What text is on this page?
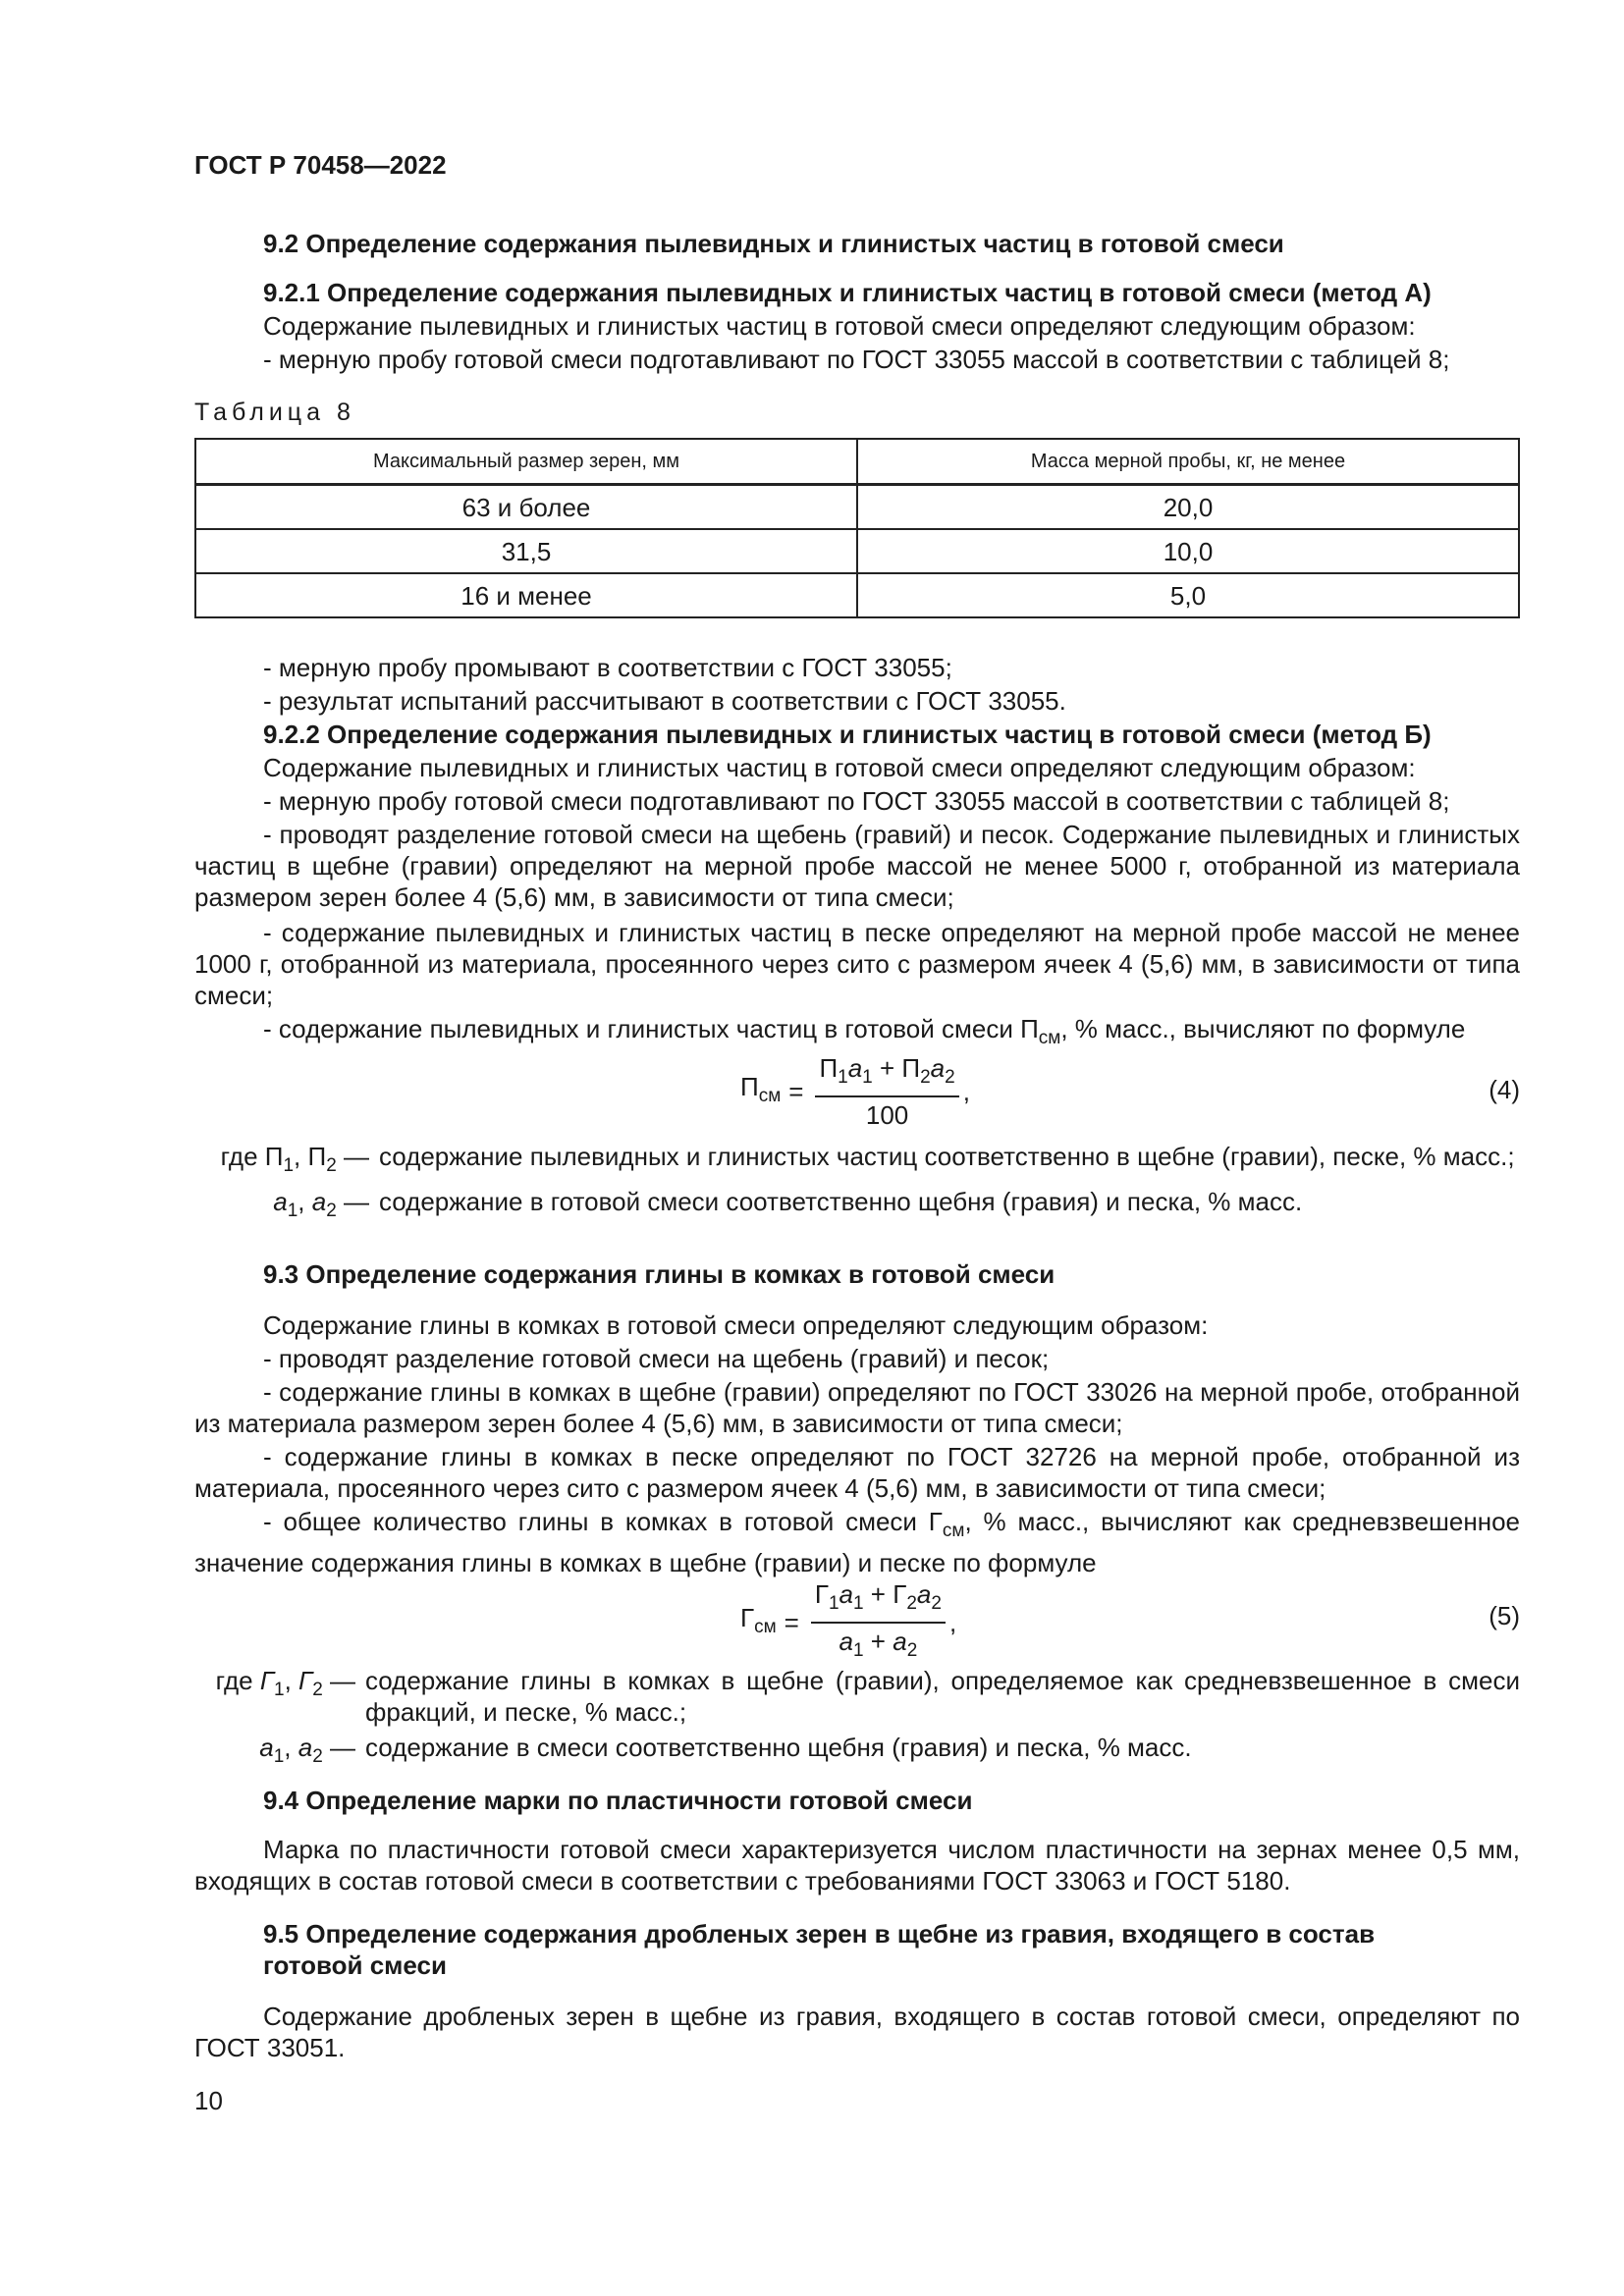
ГОСТ Р 70458—2022
9.2 Определение содержания пылевидных и глинистых частиц в готовой смеси
9.2.1 Определение содержания пылевидных и глинистых частиц в готовой смеси (метод А)
Содержание пылевидных и глинистых частиц в готовой смеси определяют следующим образом:
- мерную пробу готовой смеси подготавливают по ГОСТ 33055 массой в соответствии с таблицей 8;
Таблица 8
Максимальный размер зерен, мм	Масса мерной пробы, кг, не менее
63 и более	20,0
31,5	10,0
16 и менее	5,0
- мерную пробу промывают в соответствии с ГОСТ 33055;
- результат испытаний рассчитывают в соответствии с ГОСТ 33055.
9.2.2 Определение содержания пылевидных и глинистых частиц в готовой смеси (метод Б)
Содержание пылевидных и глинистых частиц в готовой смеси определяют следующим образом:
- мерную пробу готовой смеси подготавливают по ГОСТ 33055 массой в соответствии с таблицей 8;
- проводят разделение готовой смеси на щебень (гравий) и песок. Содержание пылевидных и глинистых частиц в щебне (гравии) определяют на мерной пробе массой не менее 5000 г, отобранной из материала размером зерен более 4 (5,6) мм, в зависимости от типа смеси;
- содержание пылевидных и глинистых частиц в песке определяют на мерной пробе массой не менее 1000 г, отобранной из материала, просеянного через сито с размером ячеек 4 (5,6) мм, в зависимости от типа смеси;
- содержание пылевидных и глинистых частиц в готовой смеси $П_{см}$, % масс., вычисляют по формуле
$П_{см} = \frac{П_1a_1 + П_2a_2}{100}$ ,	(4)
где $П_1$, $П_2$ — содержание пылевидных и глинистых частиц соответственно в щебне (гравии), песке, % масс.;
$a_1$, $a_2$ — содержание в готовой смеси соответственно щебня (гравия) и песка, % масс.
9.3 Определение содержания глины в комках в готовой смеси
Содержание глины в комках в готовой смеси определяют следующим образом:
- проводят разделение готовой смеси на щебень (гравий) и песок;
- содержание глины в комках в щебне (гравии) определяют по ГОСТ 33026 на мерной пробе, отобранной из материала размером зерен более 4 (5,6) мм, в зависимости от типа смеси;
- содержание глины в комках в песке определяют по ГОСТ 32726 на мерной пробе, отобранной из материала, просеянного через сито с размером ячеек 4 (5,6) мм, в зависимости от типа смеси;
- общее количество глины в комках в готовой смеси $Г_{см}$, % масс., вычисляют как средневзвешенное значение содержания глины в комках в щебне (гравии) и песке по формуле
$Г_{см} = \frac{Г_1a_1 + Г_2a_2}{a_1 + a_2}$ ,	(5)
где $Г_1$, $Г_2$ — содержание глины в комках в щебне (гравии), определяемое как средневзвешенное в смеси фракций, и песке, % масс.;
$a_1$, $a_2$ — содержание в смеси соответственно щебня (гравия) и песка, % масс.
9.4 Определение марки по пластичности готовой смеси
Марка по пластичности готовой смеси характеризуется числом пластичности на зернах менее 0,5 мм, входящих в состав готовой смеси в соответствии с требованиями ГОСТ 33063 и ГОСТ 5180.
9.5 Определение содержания дробленых зерен в щебне из гравия, входящего в состав готовой смеси
Содержание дробленых зерен в щебне из гравия, входящего в состав готовой смеси, определяют по ГОСТ 33051.
10
